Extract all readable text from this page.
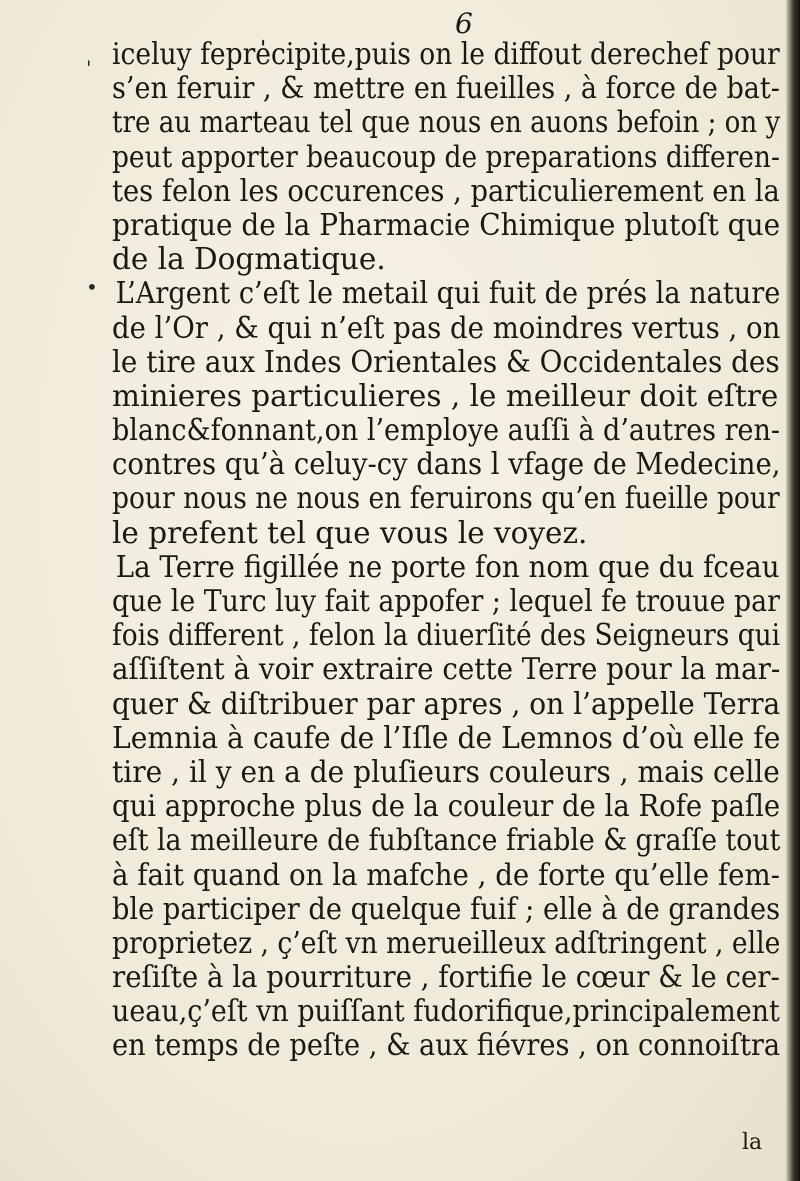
6
'
•
iceluy fepre̍cipite,puis on le diffout derechef pour
s’en feruir , & mettre en fueilles , à force de bat-
tre au marteau tel que nous en auons befoin ; on y
peut apporter beaucoup de preparations differen-
tes felon les occurences , particulierement en la
pratique de la Pharmacie Chimique plutoſt que
de la Dogmatique.
L’Argent c’eſt le metail qui fuit de prés la nature
de l’Or , & qui n’eſt pas de moindres vertus , on
le tire aux Indes Orientales & Occidentales des
minieres particulieres , le meilleur doit eſtre
blanc&fonnant,on l’employe auſſi à d’autres ren-
contres qu’à celuy-cy dans l vfage de Medecine,
pour nous ne nous en feruirons qu’en fueille pour
le prefent tel que vous le voyez.
La Terre figillée ne porte fon nom que du fceau
que le Turc luy fait appofer ; lequel fe trouue par
fois different , felon la diuerſité des Seigneurs qui
aſſiſtent à voir extraire cette Terre pour la mar-
quer & diſtribuer par apres , on l’appelle Terra
Lemnia à caufe de l’Iſle de Lemnos d’où elle fe
tire , il y en a de pluſieurs couleurs , mais celle
qui approche plus de la couleur de la Rofe paſle
eſt la meilleure de fubſtance friable & graſſe tout
à fait quand on la mafche , de forte qu’elle fem-
ble participer de quelque fuif ; elle à de grandes
proprietez , ç’eſt vn merueilleux adſtringent , elle
reſiſte à la pourriture , fortifie le cœur & le cer-
ueau,ç’eſt vn puiſſant fudorifique,principalement
en temps de peſte , & aux fiévres , on connoiſtra
la
